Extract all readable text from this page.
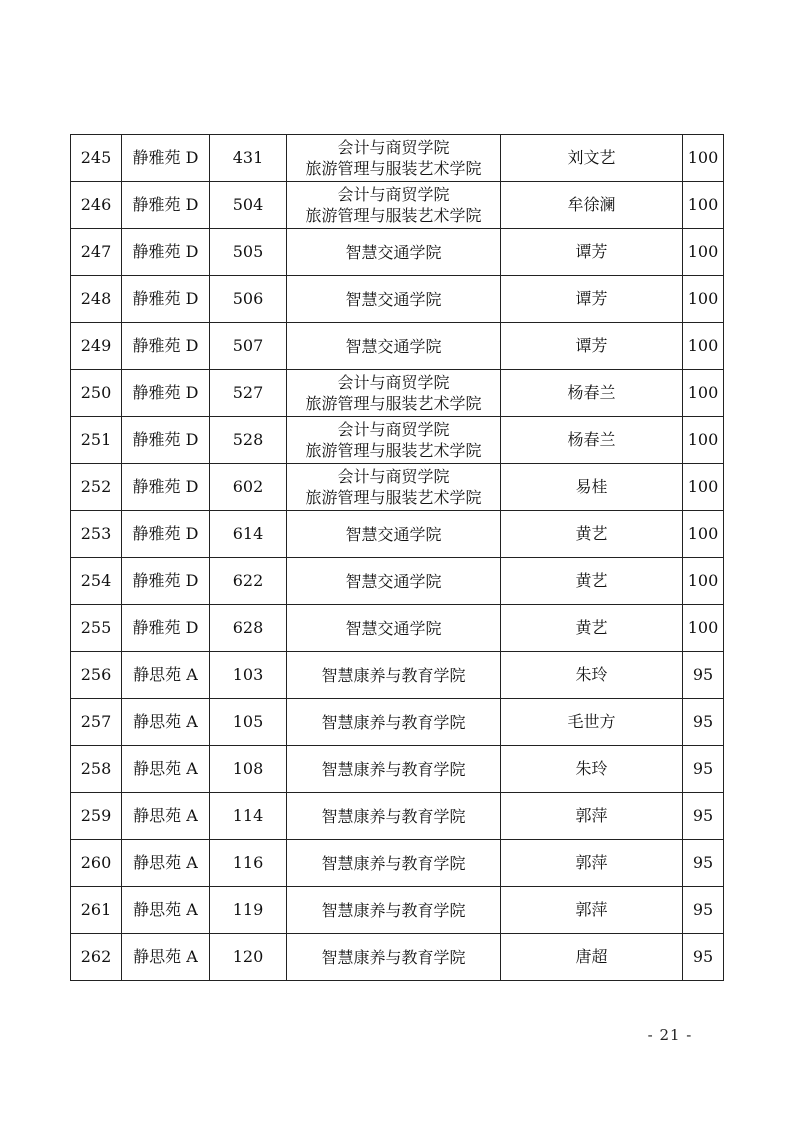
245	静雅苑 D	431	会计与商贸学院
旅游管理与服装艺术学院	刘文艺	100
246	静雅苑 D	504	会计与商贸学院
旅游管理与服装艺术学院	牟徐澜	100
247	静雅苑 D	505	智慧交通学院	谭芳	100
248	静雅苑 D	506	智慧交通学院	谭芳	100
249	静雅苑 D	507	智慧交通学院	谭芳	100
250	静雅苑 D	527	会计与商贸学院
旅游管理与服装艺术学院	杨春兰	100
251	静雅苑 D	528	会计与商贸学院
旅游管理与服装艺术学院	杨春兰	100
252	静雅苑 D	602	会计与商贸学院
旅游管理与服装艺术学院	易桂	100
253	静雅苑 D	614	智慧交通学院	黄艺	100
254	静雅苑 D	622	智慧交通学院	黄艺	100
255	静雅苑 D	628	智慧交通学院	黄艺	100
256	静思苑 A	103	智慧康养与教育学院	朱玲	95
257	静思苑 A	105	智慧康养与教育学院	毛世方	95
258	静思苑 A	108	智慧康养与教育学院	朱玲	95
259	静思苑 A	114	智慧康养与教育学院	郭萍	95
260	静思苑 A	116	智慧康养与教育学院	郭萍	95
261	静思苑 A	119	智慧康养与教育学院	郭萍	95
262	静思苑 A	120	智慧康养与教育学院	唐超	95
- 21 -
